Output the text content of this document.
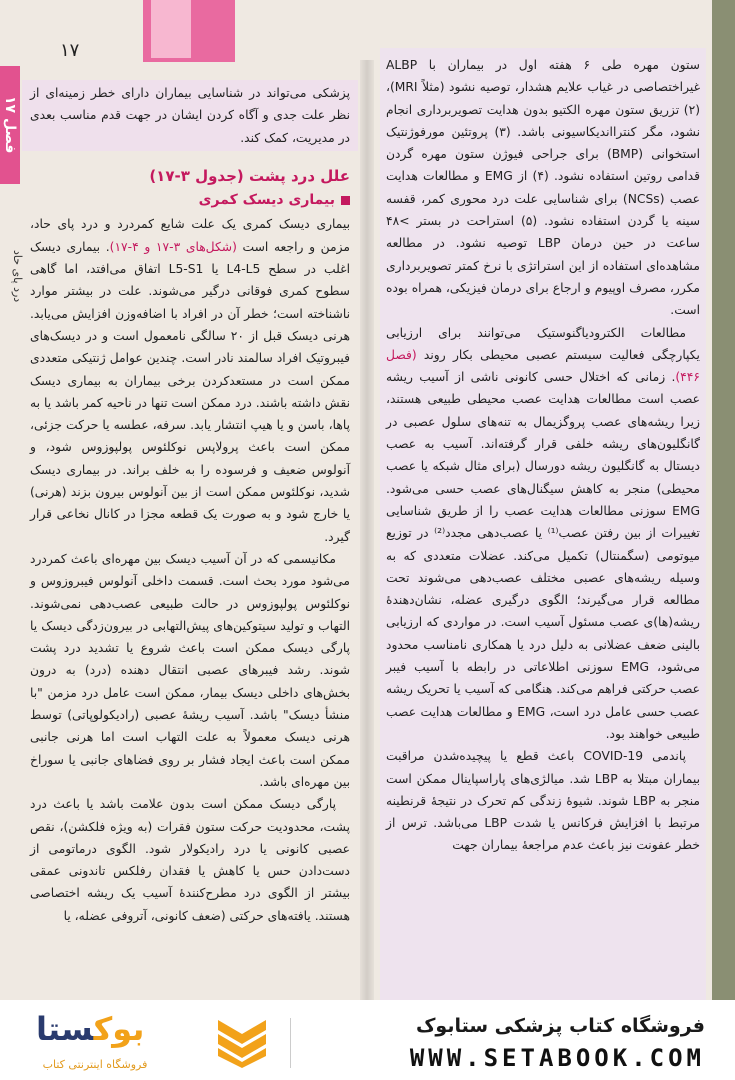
۱۷
فصل ۱۷
درد پای حاد

پزشکی می‌تواند در شناسایی بیماران دارای خطر زمینه‌ای از نظر علت جدی و آگاه کردن ایشان در جهت قدم مناسب بعدی در مدیریت، کمک کند.

علل درد پشت (جدول ۳-۱۷)
بیماری دیسک کمری

بیماری دیسک کمری یک علت شایع کمردرد و درد پای حاد، مزمن و راجعه است (شکل‌های ۳-۱۷ و ۴-۱۷). بیماری دیسک اغلب در سطح L4-L5 یا L5-S1 اتفاق می‌افتد، اما گاهی سطوح کمری فوقانی درگیر می‌شوند. علت در بیشتر موارد ناشناخته است؛ خطر آن در افراد با اضافه‌وزن افزایش می‌یابد. هرنی دیسک قبل از ۲۰ سالگی نامعمول است و در دیسک‌های فیبروتیک افراد سالمند نادر است. چندین عوامل ژنتیکی متعددی ممکن است در مستعدکردن برخی بیماران به بیماری دیسک نقش داشته باشند. درد ممکن است تنها در ناحیه کمر باشد یا به پاها، باسن و یا هیپ انتشار یابد. سرفه، عطسه یا حرکت جزئی، ممکن است باعث پرولاپس نوکلئوس پولپوزوس شود، و آنولوس ضعیف و فرسوده را به خلف براند. در بیماری دیسک شدید، نوکلئوس ممکن است از بین آنولوس بیرون بزند (هرنی) یا خارج شود و به صورت یک قطعه مجزا در کانال نخاعی قرار گیرد.

مکانیسمی که در آن آسیب دیسک بین مهره‌ای باعث کمردرد می‌شود مورد بحث است. قسمت داخلی آنولوس فیبروزوس و نوکلئوس پولپوزوس در حالت طبیعی عصب‌دهی نمی‌شوند. التهاب و تولید سیتوکین‌های پیش‌التهابی در بیرون‌زدگی دیسک یا پارگی دیسک ممکن است باعث شروع یا تشدید درد پشت شوند. رشد فیبرهای عصبی انتقال دهنده (درد) به درون بخش‌های داخلی دیسک بیمار، ممکن است عامل درد مزمن "با منشأ دیسک" باشد. آسیب ریشهٔ عصبی (رادیکولوپاتی) توسط هرنی دیسک معمولاً به علت التهاب است اما هرنی جانبی ممکن است باعث ایجاد فشار بر روی فضاهای جانبی یا سوراخ بین مهره‌ای باشد.

پارگی دیسک ممکن است بدون علامت باشد یا باعث درد پشت، محدودیت حرکت ستون فقرات (به ویژه فلکشن)، نقص عصبی کانونی یا درد رادیکولار شود. الگوی درماتومی از دست‌دادن حس یا کاهش یا فقدان رفلکس تاندونی عمقی بیشتر از الگوی درد مطرح‌کنندهٔ آسیب یک ریشه اختصاصی هستند. یافته‌های حرکتی (ضعف کانونی، آتروفی عضله، یا

ستون مهره طی ۶ هفته اول در بیماران با ALBP غیراختصاصی در غیاب علایم هشدار، توصیه نشود (مثلاً MRI)، (۲) تزریق ستون مهره الکتیو بدون هدایت تصویربرداری انجام نشود، مگر کنترااندیکاسیونی باشد. (۳) پروتئین مورفوژنتیک استخوانی (BMP) برای جراحی فیوژن ستون مهره گردن قدامی روتین استفاده نشود. (۴) از EMG و مطالعات هدایت عصب (NCSs) برای شناسایی علت درد محوری کمر، قفسه سینه یا گردن استفاده نشود. (۵) استراحت در بستر >۴۸ ساعت در حین درمان LBP توصیه نشود. در مطالعه مشاهده‌ای استفاده از این استراتژی با نرخ کمتر تصویربرداری مکرر، مصرف اوپیوم و ارجاع برای درمان فیزیکی، همراه بوده است.

مطالعات الکترودیاگنوستیک می‌توانند برای ارزیابی یکپارچگی فعالیت سیستم عصبی محیطی بکار روند (فصل ۴۴۶). زمانی که اختلال حسی کانونی ناشی از آسیب ریشه عصب است مطالعات هدایت عصب محیطی طبیعی هستند، زیرا ریشه‌های عصب پروگزیمال به تنه‌های سلول عصبی در گانگلیون‌های ریشه خلفی قرار گرفته‌اند. آسیب به عصب دیستال به گانگلیون ریشه دورسال (برای مثال شبکه یا عصب محیطی) منجر به کاهش سیگنال‌های عصب حسی می‌شود. EMG سوزنی مطالعات هدایت عصب را از طریق شناسایی تغییرات از بین رفتن عصب⁽¹⁾ یا عصب‌دهی مجدد⁽²⁾ در توزیع میوتومی (سگمنتال) تکمیل می‌کند. عضلات متعددی که به وسیله ریشه‌های عصبی مختلف عصب‌دهی می‌شوند تحت مطالعه قرار می‌گیرند؛ الگوی درگیری عضله، نشان‌دهندهٔ ریشه(ها)ی عصب مسئول آسیب است. در مواردی که ارزیابی بالینی ضعف عضلانی به دلیل درد یا همکاری نامناسب محدود می‌شود، EMG سوزنی اطلاعاتی در رابطه با آسیب فیبر عصب حرکتی فراهم می‌کند. هنگامی که آسیب یا تحریک ریشه عصب حسی عامل درد است، EMG و مطالعات هدایت عصب طبیعی خواهند بود.

پاندمی COVID-19 باعث قطع یا پیچیده‌شدن مراقبت بیماران مبتلا به LBP شد. میالژی‌های پاراسپاینال ممکن است منجر به LBP شوند. شیوهٔ زندگی کم تحرک در نتیجهٔ قرنطینه مرتبط با افزایش فرکانس یا شدت LBP می‌باشد. ترس از خطر عفونت نیز باعث عدم مراجعهٔ بیماران جهت

بوکستا
فروشگاه اینترنتی کتاب
فروشگاه کتاب پزشکی ستابوک
WWW.SETABOOK.COM
